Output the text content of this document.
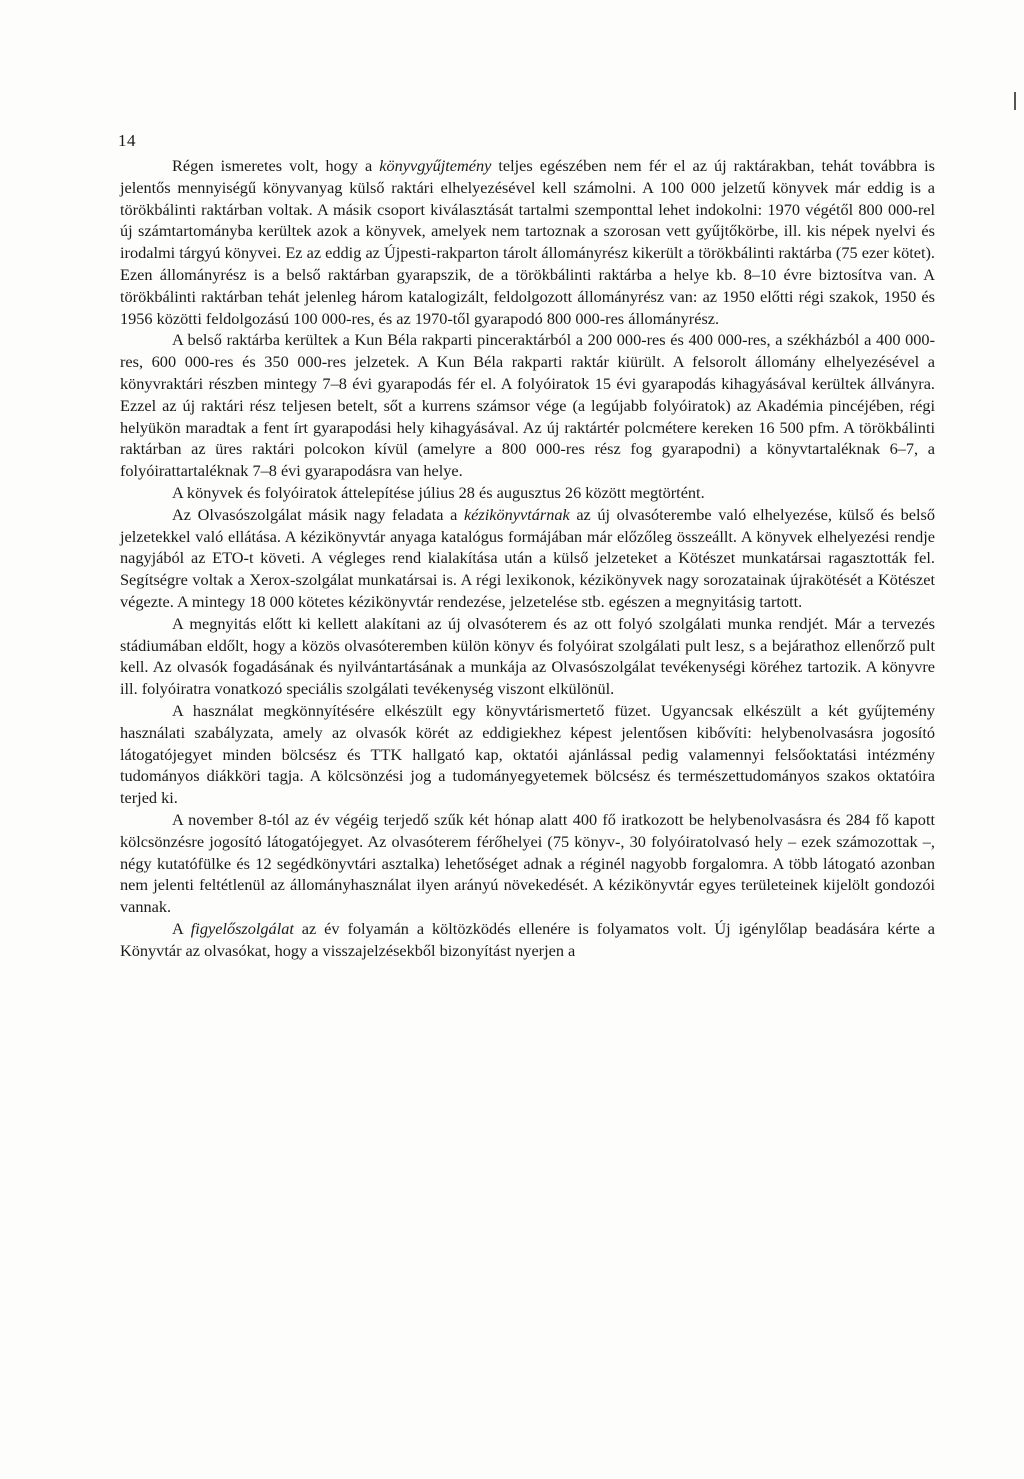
14

Régen ismeretes volt, hogy a könyvgyűjtemény teljes egészében nem fér el az új raktárakban, tehát továbbra is jelentős mennyiségű könyvanyag külső raktári elhelyezésével kell számolni. A 100 000 jelzetű könyvek már eddig is a törökbálinti raktárban voltak. A másik csoport kiválasztását tartalmi szemponttal lehet indokolni: 1970 végétől 800 000-rel új számtartományba kerültek azok a könyvek, amelyek nem tartoznak a szorosan vett gyűjtőkörbe, ill. kis népek nyelvi és irodalmi tárgyú könyvei. Ez az eddig az Újpesti-rakparton tárolt állományrész kikerült a törökbálinti raktárba (75 ezer kötet). Ezen állományrész is a belső raktárban gyarapszik, de a törökbálinti raktárba a helye kb. 8–10 évre biztosítva van. A törökbálinti raktárban tehát jelenleg három katalogizált, feldolgozott állományrész van: az 1950 előtti régi szakok, 1950 és 1956 közötti feldolgozású 100 000-res, és az 1970-től gyarapodó 800 000-res állományrész.

A belső raktárba kerültek a Kun Béla rakparti pinceraktárból a 200 000-res és 400 000-res, a székházból a 400 000-res, 600 000-res és 350 000-res jelzetek. A Kun Béla rakparti raktár kiürült. A felsorolt állomány elhelyezésével a könyvraktári részben mintegy 7–8 évi gyarapodás fér el. A folyóiratok 15 évi gyarapodás kihagyásával kerültek állványra. Ezzel az új raktári rész teljesen betelt, sőt a kurrens számsor vége (a legújabb folyóiratok) az Akadémia pincéjében, régi helyükön maradtak a fent írt gyarapodási hely kihagyásával. Az új raktártér polcmétere kereken 16 500 pfm. A törökbálinti raktárban az üres raktári polcokon kívül (amelyre a 800 000-res rész fog gyarapodni) a könyvtartaléknak 6–7, a folyóirattartaléknak 7–8 évi gyarapodásra van helye.

A könyvek és folyóiratok áttelepítése július 28 és augusztus 26 között megtörtént.

Az Olvasószolgálat másik nagy feladata a kézikönyvtárnak az új olvasóterembe való elhelyezése, külső és belső jelzetekkel való ellátása. A kézikönyvtár anyaga katalógus formájában már előzőleg összeállt. A könyvek elhelyezési rendje nagyjából az ETO-t követi. A végleges rend kialakítása után a külső jelzeteket a Kötészet munkatársai ragasztották fel. Segítségre voltak a Xerox-szolgálat munkatársai is. A régi lexikonok, kézikönyvek nagy sorozatainak újrakötését a Kötészet végezte. A mintegy 18 000 kötetes kézikönyvtár rendezése, jelzetelése stb. egészen a megnyitásig tartott.

A megnyitás előtt ki kellett alakítani az új olvasóterem és az ott folyó szolgálati munka rendjét. Már a tervezés stádiumában eldőlt, hogy a közös olvasóteremben külön könyv és folyóirat szolgálati pult lesz, s a bejárathoz ellenőrző pult kell. Az olvasók fogadásának és nyilvántartásának a munkája az Olvasószolgálat tevékenységi köréhez tartozik. A könyvre ill. folyóiratra vonatkozó speciális szolgálati tevékenység viszont elkülönül.

A használat megkönnyítésére elkészült egy könyvtárismertető füzet. Ugyancsak elkészült a két gyűjtemény használati szabályzata, amely az olvasók körét az eddigiekhez képest jelentősen kibővíti: helybenolvasásra jogosító látogatójegyet minden bölcsész és TTK hallgató kap, oktatói ajánlással pedig valamennyi felsőoktatási intézmény tudományos diákköri tagja. A kölcsönzési jog a tudományegyetemek bölcsész és természettudományos szakos oktatóira terjed ki.

A november 8-tól az év végéig terjedő szűk két hónap alatt 400 fő iratkozott be helybenolvasásra és 284 fő kapott kölcsönzésre jogosító látogatójegyet. Az olvasóterem férőhelyei (75 könyv-, 30 folyóiratolvasó hely – ezek számozottak –, négy kutatófülke és 12 segédkönyvtári asztalka) lehetőséget adnak a réginél nagyobb forgalomra. A több látogató azonban nem jelenti feltétlenül az állományhasználat ilyen arányú növekedését. A kézikönyvtár egyes területeinek kijelölt gondozói vannak.

A figyelőszolgálat az év folyamán a költözködés ellenére is folyamatos volt. Új igénylőlap beadására kérte a Könyvtár az olvasókat, hogy a visszajelzésekből bizonyítást nyerjen a
